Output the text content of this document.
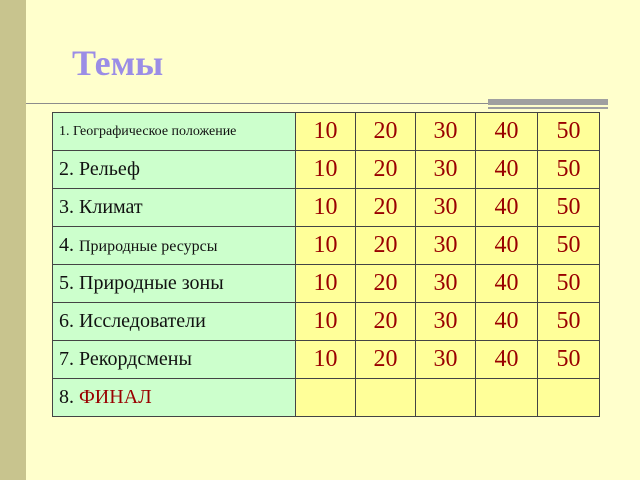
Темы
1. Географическое положение	10	20	30	40	50
2. Рельеф	10	20	30	40	50
3. Климат	10	20	30	40	50
4. Природные ресурсы	10	20	30	40	50
5. Природные зоны	10	20	30	40	50
6. Исследователи	10	20	30	40	50
7. Рекордсмены	10	20	30	40	50
8. ФИНАЛ					
